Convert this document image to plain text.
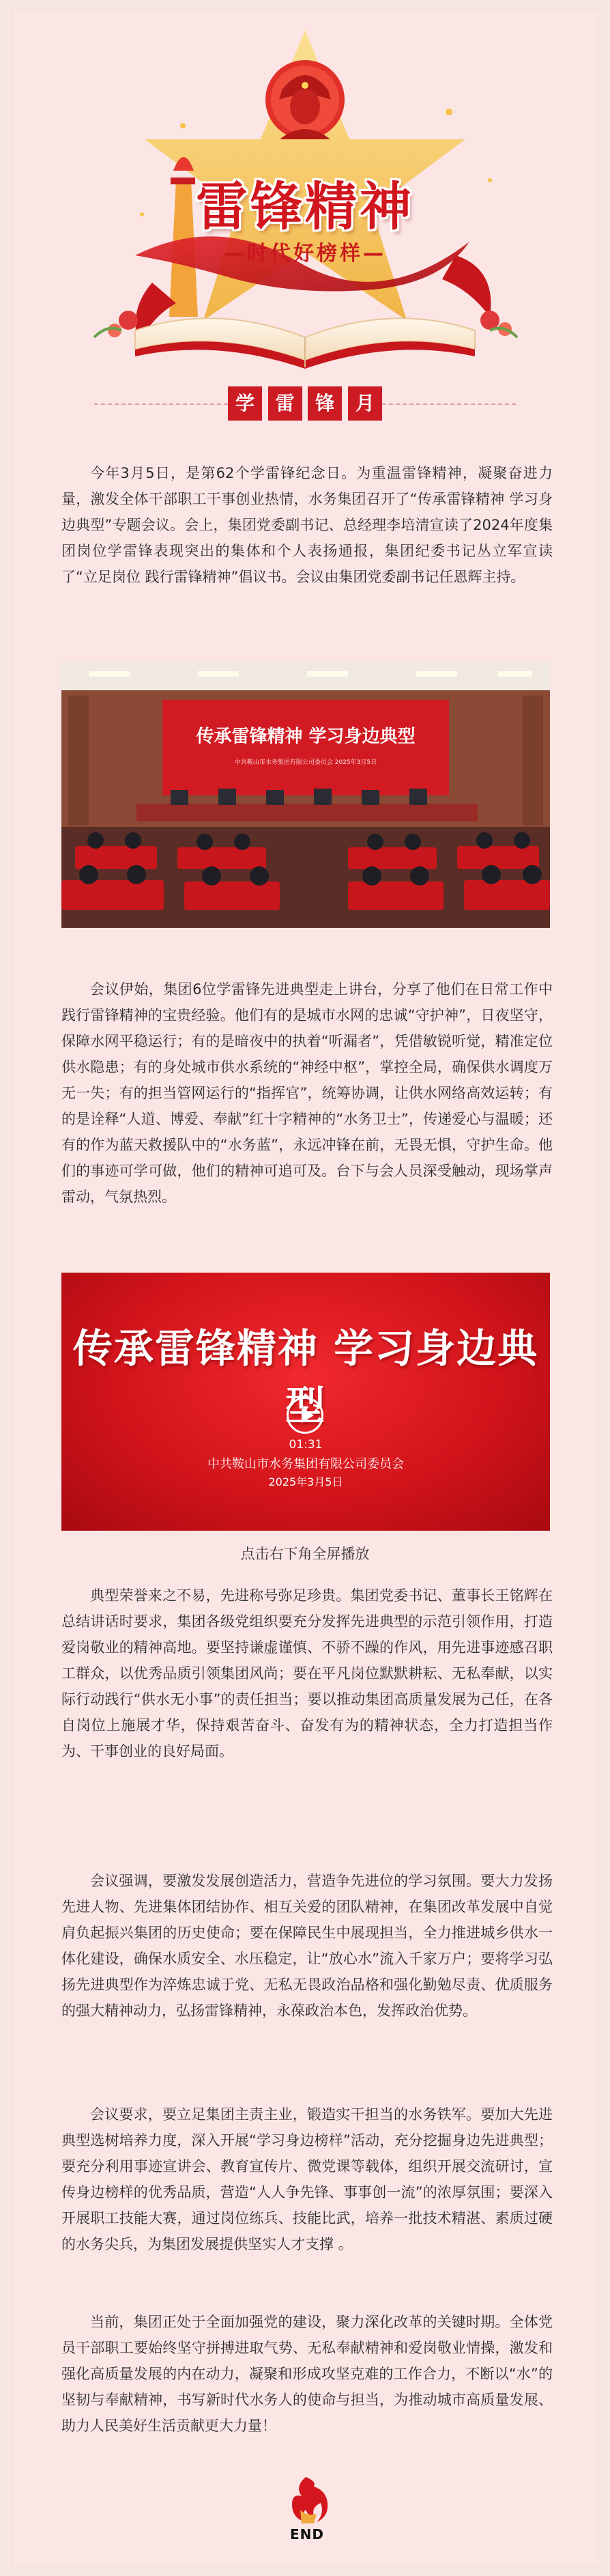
雷锋精神
—时代好榜样—
学	雷	锋	月

今年3月5日，是第62个学雷锋纪念日。为重温雷锋精神，凝聚奋进力量，激发全体干部职工干事创业热情，水务集团召开了“传承雷锋精神 学习身边典型”专题会议。会上，集团党委副书记、总经理李培清宣读了2024年度集团岗位学雷锋表现突出的集体和个人表扬通报，集团纪委书记丛立军宣读了“立足岗位 践行雷锋精神”倡议书。会议由集团党委副书记任恩辉主持。

传承雷锋精神 学习身边典型
中共鞍山市水务集团有限公司委员会 2025年3月5日

会议伊始，集团6位学雷锋先进典型走上讲台，分享了他们在日常工作中践行雷锋精神的宝贵经验。他们有的是城市水网的忠诚“守护神”，日夜坚守，保障水网平稳运行；有的是暗夜中的执着“听漏者”，凭借敏锐听觉，精准定位供水隐患；有的身处城市供水系统的“神经中枢”，掌控全局，确保供水调度万无一失；有的担当管网运行的“指挥官”，统筹协调，让供水网络高效运转；有的是诠释“人道、博爱、奉献”红十字精神的“水务卫士”，传递爱心与温暖；还有的作为蓝天救援队中的“水务蓝”，永远冲锋在前，无畏无惧，守护生命。他们的事迹可学可做，他们的精神可追可及。台下与会人员深受触动，现场掌声雷动，气氛热烈。

传承雷锋精神 学习身边典型
01:31
中共鞍山市水务集团有限公司委员会
2025年3月5日
点击右下角全屏播放

典型荣誉来之不易，先进称号弥足珍贵。集团党委书记、董事长王铭辉在总结讲话时要求，集团各级党组织要充分发挥先进典型的示范引领作用，打造爱岗敬业的精神高地。要坚持谦虚谨慎、不骄不躁的作风，用先进事迹感召职工群众，以优秀品质引领集团风尚；要在平凡岗位默默耕耘、无私奉献，以实际行动践行“供水无小事”的责任担当；要以推动集团高质量发展为己任，在各自岗位上施展才华，保持艰苦奋斗、奋发有为的精神状态，全力打造担当作为、干事创业的良好局面。

会议强调，要激发发展创造活力，营造争先进位的学习氛围。要大力发扬先进人物、先进集体团结协作、相互关爱的团队精神，在集团改革发展中自觉肩负起振兴集团的历史使命；要在保障民生中展现担当，全力推进城乡供水一体化建设，确保水质安全、水压稳定，让“放心水”流入千家万户；要将学习弘扬先进典型作为淬炼忠诚于党、无私无畏政治品格和强化勤勉尽责、优质服务的强大精神动力，弘扬雷锋精神，永葆政治本色，发挥政治优势。

会议要求，要立足集团主责主业，锻造实干担当的水务铁军。要加大先进典型选树培养力度，深入开展“学习身边榜样”活动，充分挖掘身边先进典型；要充分利用事迹宣讲会、教育宣传片、微党课等载体，组织开展交流研讨，宣传身边榜样的优秀品质，营造“人人争先锋、事事创一流”的浓厚氛围；要深入开展职工技能大赛，通过岗位练兵、技能比武，培养一批技术精湛、素质过硬的水务尖兵，为集团发展提供坚实人才支撑 。

当前，集团正处于全面加强党的建设，聚力深化改革的关键时期。全体党员干部职工要始终坚守拼搏进取气势、无私奉献精神和爱岗敬业情操，激发和强化高质量发展的内在动力，凝聚和形成攻坚克难的工作合力，不断以“水”的坚韧与奉献精神，书写新时代水务人的使命与担当，为推动城市高质量发展、助力人民美好生活贡献更大力量！

END
